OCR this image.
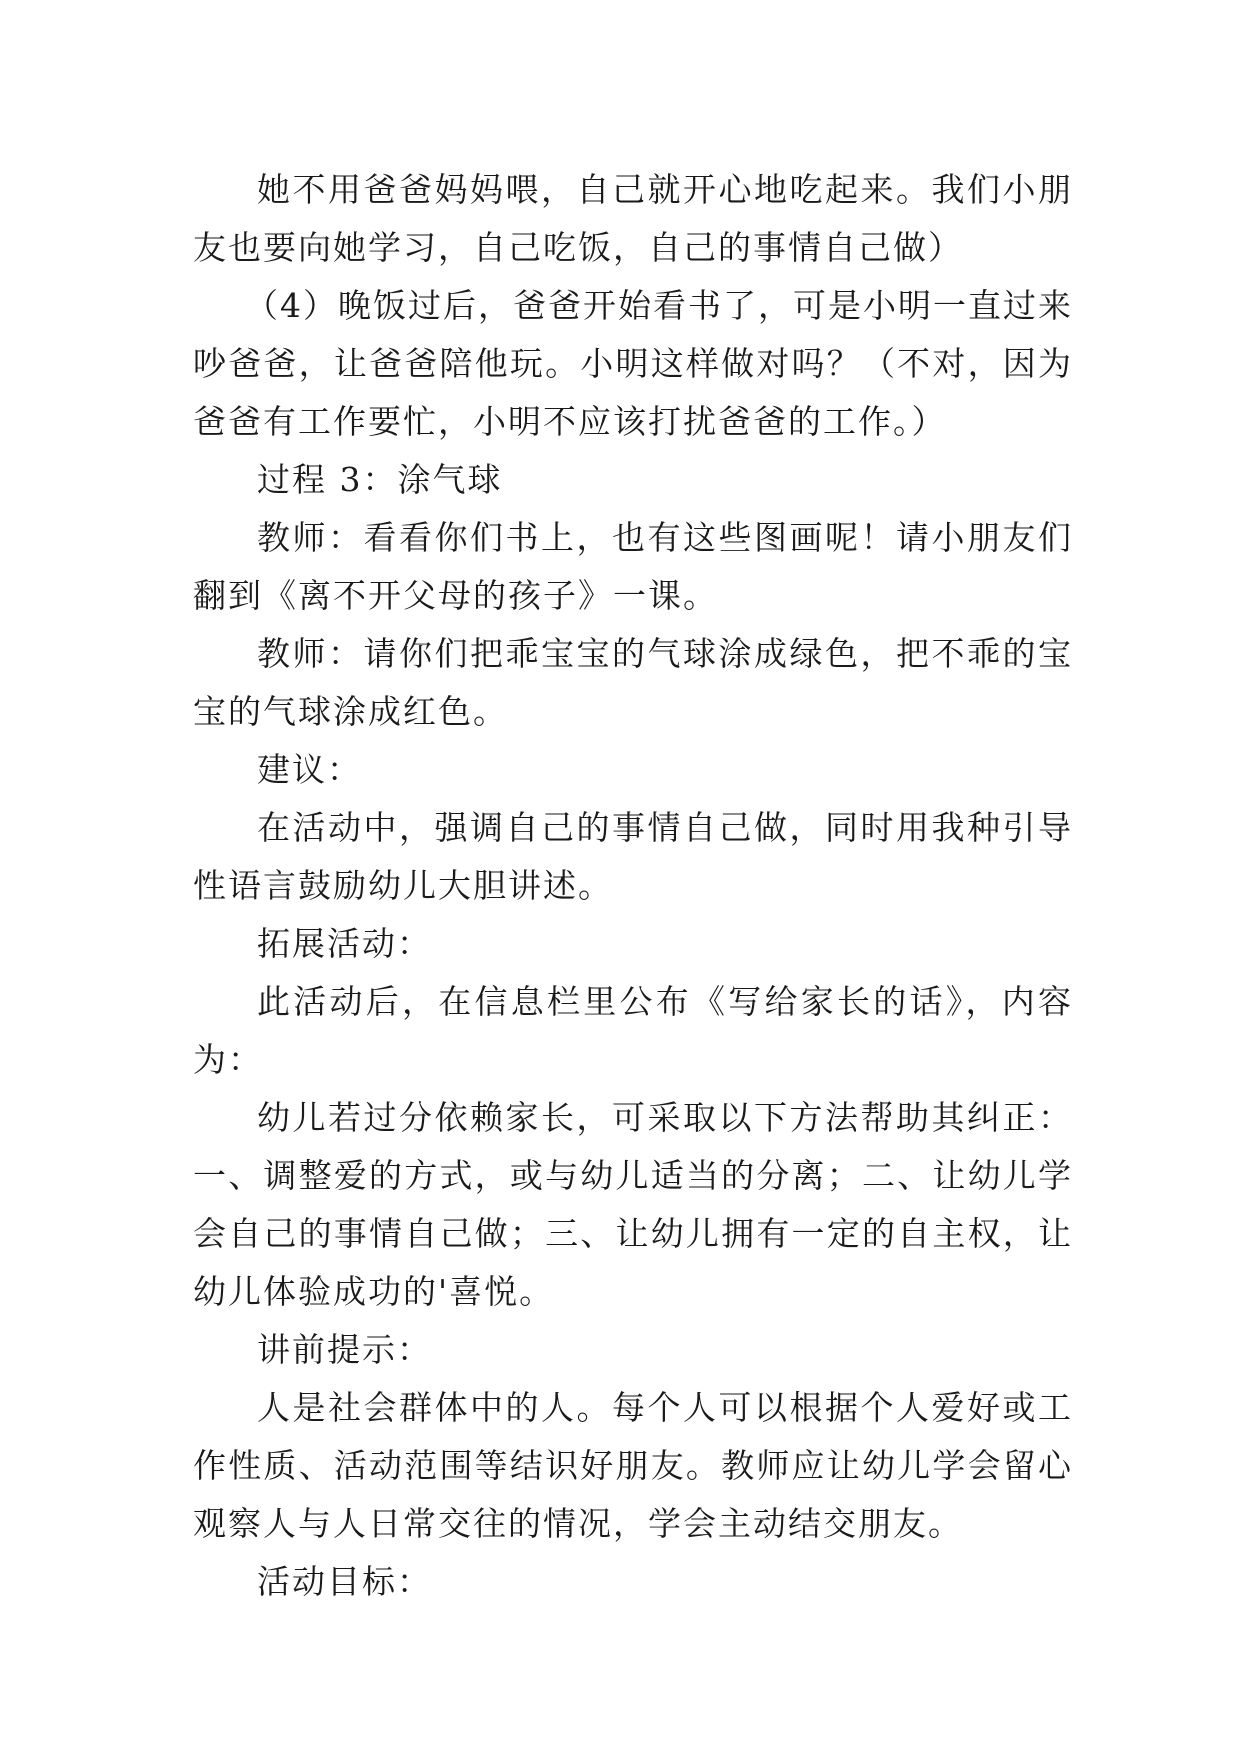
她不用爸爸妈妈喂，自己就开心地吃起来。我们小朋友也要向她学习，自己吃饭，自己的事情自己做）

（4）晚饭过后，爸爸开始看书了，可是小明一直过来吵爸爸，让爸爸陪他玩。小明这样做对吗？（不对，因为爸爸有工作要忙，小明不应该打扰爸爸的工作。）

过程 3：涂气球

教师：看看你们书上，也有这些图画呢！请小朋友们翻到《离不开父母的孩子》一课。

教师：请你们把乖宝宝的气球涂成绿色，把不乖的宝宝的气球涂成红色。

建议：

在活动中，强调自己的事情自己做，同时用我种引导性语言鼓励幼儿大胆讲述。

拓展活动：

此活动后，在信息栏里公布《写给家长的话》，内容为：

幼儿若过分依赖家长，可采取以下方法帮助其纠正：一、调整爱的方式，或与幼儿适当的分离；二、让幼儿学会自己的事情自己做；三、让幼儿拥有一定的自主权，让幼儿体验成功的'喜悦。

讲前提示：

人是社会群体中的人。每个人可以根据个人爱好或工作性质、活动范围等结识好朋友。教师应让幼儿学会留心观察人与人日常交往的情况，学会主动结交朋友。

活动目标：
